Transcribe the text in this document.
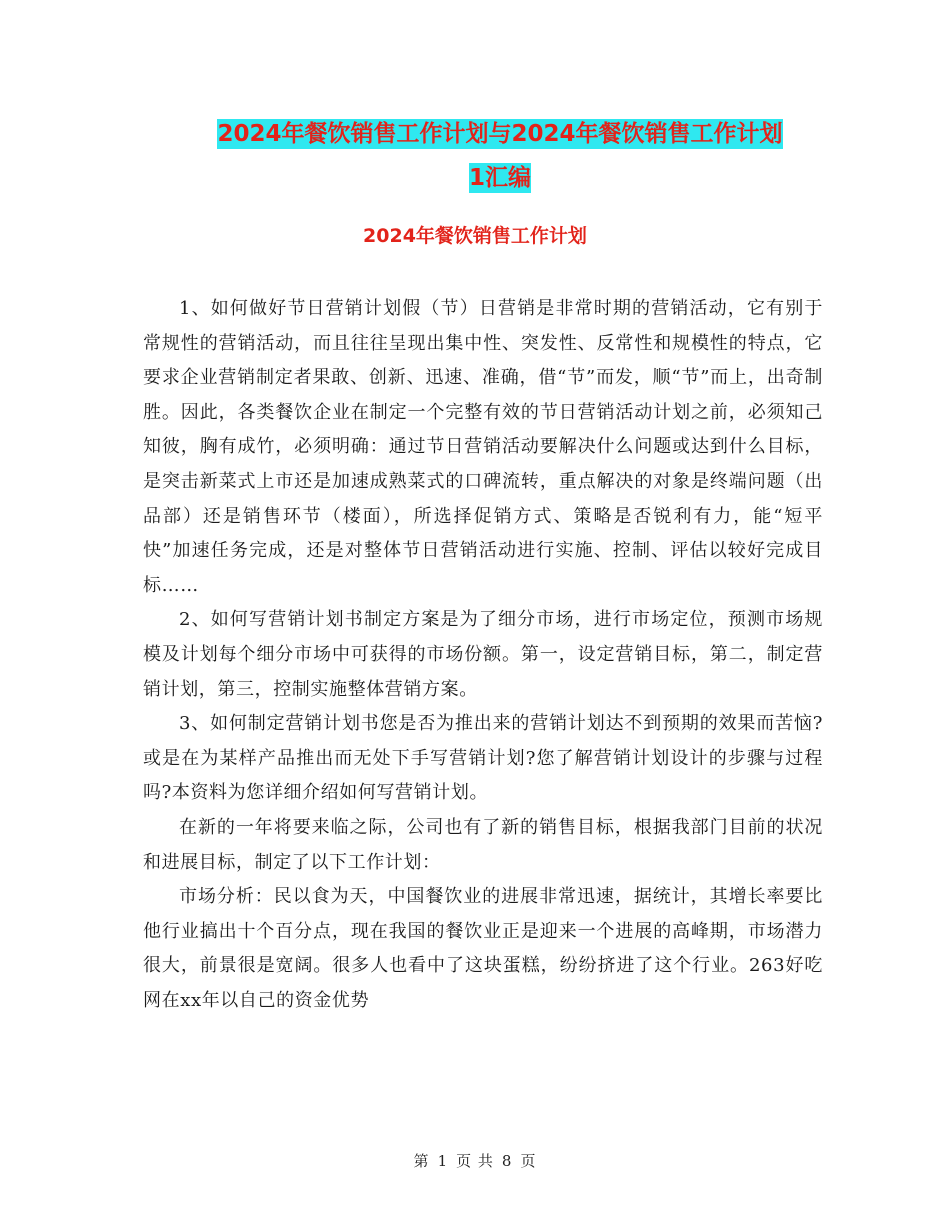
2024年餐饮销售工作计划与2024年餐饮销售工作计划
1汇编
2024年餐饮销售工作计划

1、如何做好节日营销计划假（节）日营销是非常时期的营销活动，它有别于常规性的营销活动，而且往往呈现出集中性、突发性、反常性和规模性的特点，它要求企业营销制定者果敢、创新、迅速、准确，借“节”而发，顺“节”而上，出奇制胜。因此，各类餐饮企业在制定一个完整有效的节日营销活动计划之前，必须知己知彼，胸有成竹，必须明确：通过节日营销活动要解决什么问题或达到什么目标，是突击新菜式上市还是加速成熟菜式的口碑流转，重点解决的对象是终端问题（出品部）还是销售环节（楼面），所选择促销方式、策略是否锐利有力，能“短平快”加速任务完成，还是对整体节日营销活动进行实施、控制、评估以较好完成目标……

2、如何写营销计划书制定方案是为了细分市场，进行市场定位，预测市场规模及计划每个细分市场中可获得的市场份额。第一，设定营销目标，第二，制定营销计划，第三，控制实施整体营销方案。

3、如何制定营销计划书您是否为推出来的营销计划达不到预期的效果而苦恼?或是在为某样产品推出而无处下手写营销计划?您了解营销计划设计的步骤与过程吗?本资料为您详细介绍如何写营销计划。

在新的一年将要来临之际，公司也有了新的销售目标，根据我部门目前的状况和进展目标，制定了以下工作计划：

市场分析：民以食为天，中国餐饮业的进展非常迅速，据统计，其增长率要比他行业搞出十个百分点，现在我国的餐饮业正是迎来一个进展的高峰期，市场潜力很大，前景很是宽阔。很多人也看中了这块蛋糕，纷纷挤进了这个行业。263好吃网在xx年以自己的资金优势

第 1 页 共 8 页
